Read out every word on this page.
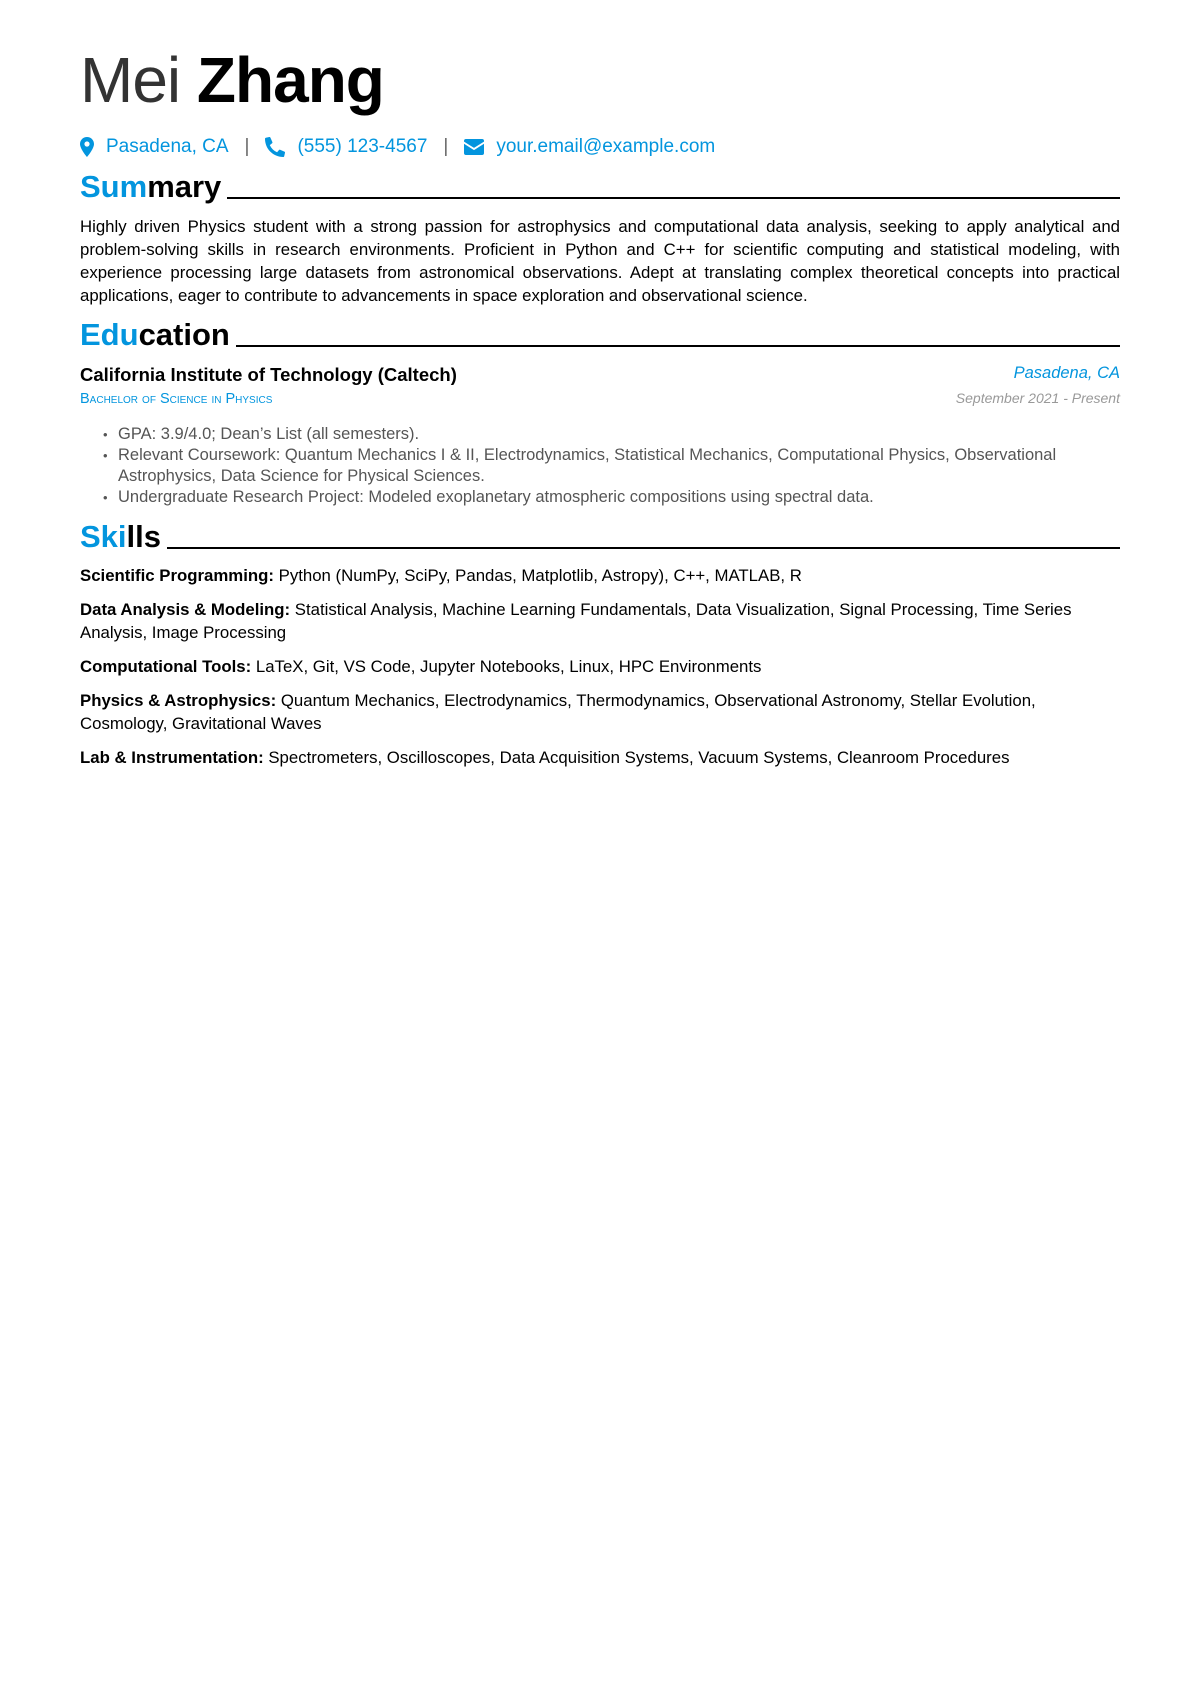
Mei Zhang
Pasadena, CA |	(555) 123-4567 |	your.email@example.com
Summary

Highly driven Physics student with a strong passion for astrophysics and computational data analysis, seeking to apply analytical and problem-solving skills in research environments. Proficient in Python and C++ for scientific computing and statistical modeling, with experience processing large datasets from astronomical observations. Adept at translating complex theoretical concepts into practical applications, eager to contribute to advancements in space exploration and observational science.

Education
California Institute of Technology (Caltech)	Pasadena, CA
Bachelor of Science in Physics	September 2021 - Present
• GPA: 3.9/4.0; Dean’s List (all semesters).
• Relevant Coursework: Quantum Mechanics I & II, Electrodynamics, Statistical Mechanics, Computational Physics, Observational Astrophysics, Data Science for Physical Sciences.
• Undergraduate Research Project: Modeled exoplanetary atmospheric compositions using spectral data.
Skills

Scientific Programming: Python (NumPy, SciPy, Pandas, Matplotlib, Astropy), C++, MATLAB, R

Data Analysis & Modeling: Statistical Analysis, Machine Learning Fundamentals, Data Visualization, Signal Processing, Time Series Analysis, Image Processing

Computational Tools: LaTeX, Git, VS Code, Jupyter Notebooks, Linux, HPC Environments

Physics & Astrophysics: Quantum Mechanics, Electrodynamics, Thermodynamics, Observational Astronomy, Stellar Evolution, Cosmology, Gravitational Waves

Lab & Instrumentation: Spectrometers, Oscilloscopes, Data Acquisition Systems, Vacuum Systems, Cleanroom Procedures
